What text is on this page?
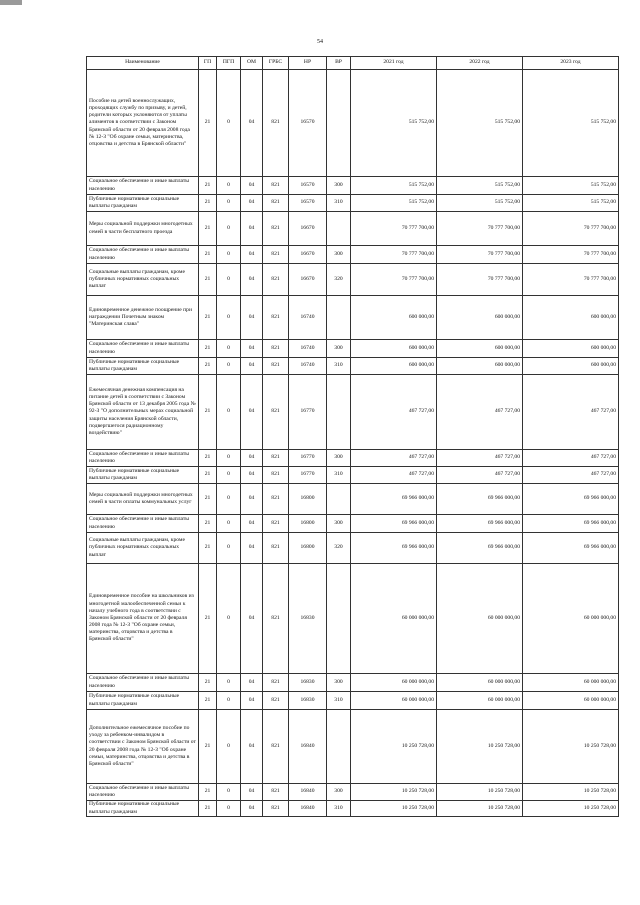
54
Наименование	ГП	ПГП	ОМ	ГРБС	НР	ВР	2021 год	2022 год	2023 год
Пособие на детей военнослужащих, проходящих службу по призыву, и детей, родители которых уклоняются от уплаты алиментов в соответствии с Законом Брянской области от 20 февраля 2008 года № 12-З "Об охране семьи, материнства, отцовства и детства в Брянской области"	21	0	04	821	16570		515 752,00	515 752,00	515 752,00
Социальное обеспечение и иные выплаты населению	21	0	04	821	16570	300	515 752,00	515 752,00	515 752,00
Публичные нормативные социальные выплаты гражданам	21	0	04	821	16570	310	515 752,00	515 752,00	515 752,00
Меры социальной поддержки многодетных семей в части бесплатного проезда	21	0	04	821	16670		70 777 700,00	70 777 700,00	70 777 700,00
Социальное обеспечение и иные выплаты населению	21	0	04	821	16670	300	70 777 700,00	70 777 700,00	70 777 700,00
Социальные выплаты гражданам, кроме публичных нормативных социальных выплат	21	0	04	821	16670	320	70 777 700,00	70 777 700,00	70 777 700,00
Единовременное денежное поощрение при награждении Почетным знаком "Материнская слава"	21	0	04	821	16740		600 000,00	600 000,00	600 000,00
Социальное обеспечение и иные выплаты населению	21	0	04	821	16740	300	600 000,00	600 000,00	600 000,00
Публичные нормативные социальные выплаты гражданам	21	0	04	821	16740	310	600 000,00	600 000,00	600 000,00
Ежемесячная денежная компенсация на питание детей в соответствии с Законом Брянской области от 13 декабря 2005 года № 92-З "О дополнительных мерах социальной защиты населения Брянской области, подвергшегося радиационному воздействию"	21	0	04	821	16770		467 727,00	467 727,00	467 727,00
Социальное обеспечение и иные выплаты населению	21	0	04	821	16770	300	467 727,00	467 727,00	467 727,00
Публичные нормативные социальные выплаты гражданам	21	0	04	821	16770	310	467 727,00	467 727,00	467 727,00
Меры социальной поддержки многодетных семей в части оплаты коммунальных услуг	21	0	04	821	16800		69 966 000,00	69 966 000,00	69 966 000,00
Социальное обеспечение и иные выплаты населению	21	0	04	821	16800	300	69 966 000,00	69 966 000,00	69 966 000,00
Социальные выплаты гражданам, кроме публичных нормативных социальных выплат	21	0	04	821	16800	320	69 966 000,00	69 966 000,00	69 966 000,00
Единовременное пособие на школьников из многодетной малообеспеченной семьи к началу учебного года в соответствии с Законом Брянской области от 20 февраля 2008 года № 12-З "Об охране семьи, материнства, отцовства и детства в Брянской области"	21	0	04	821	16830		60 000 000,00	60 000 000,00	60 000 000,00
Социальное обеспечение и иные выплаты населению	21	0	04	821	16830	300	60 000 000,00	60 000 000,00	60 000 000,00
Публичные нормативные социальные выплаты гражданам	21	0	04	821	16830	310	60 000 000,00	60 000 000,00	60 000 000,00
Дополнительное ежемесячное пособие по уходу за ребенком-инвалидом в соответствии с Законом Брянской области от 20 февраля 2008 года № 12-З "Об охране семьи, материнства, отцовства и детства в Брянской области"	21	0	04	821	16840		10 250 728,00	10 250 728,00	10 250 728,00
Социальное обеспечение и иные выплаты населению	21	0	04	821	16840	300	10 250 728,00	10 250 728,00	10 250 728,00
Публичные нормативные социальные выплаты гражданам	21	0	04	821	16840	310	10 250 728,00	10 250 728,00	10 250 728,00
